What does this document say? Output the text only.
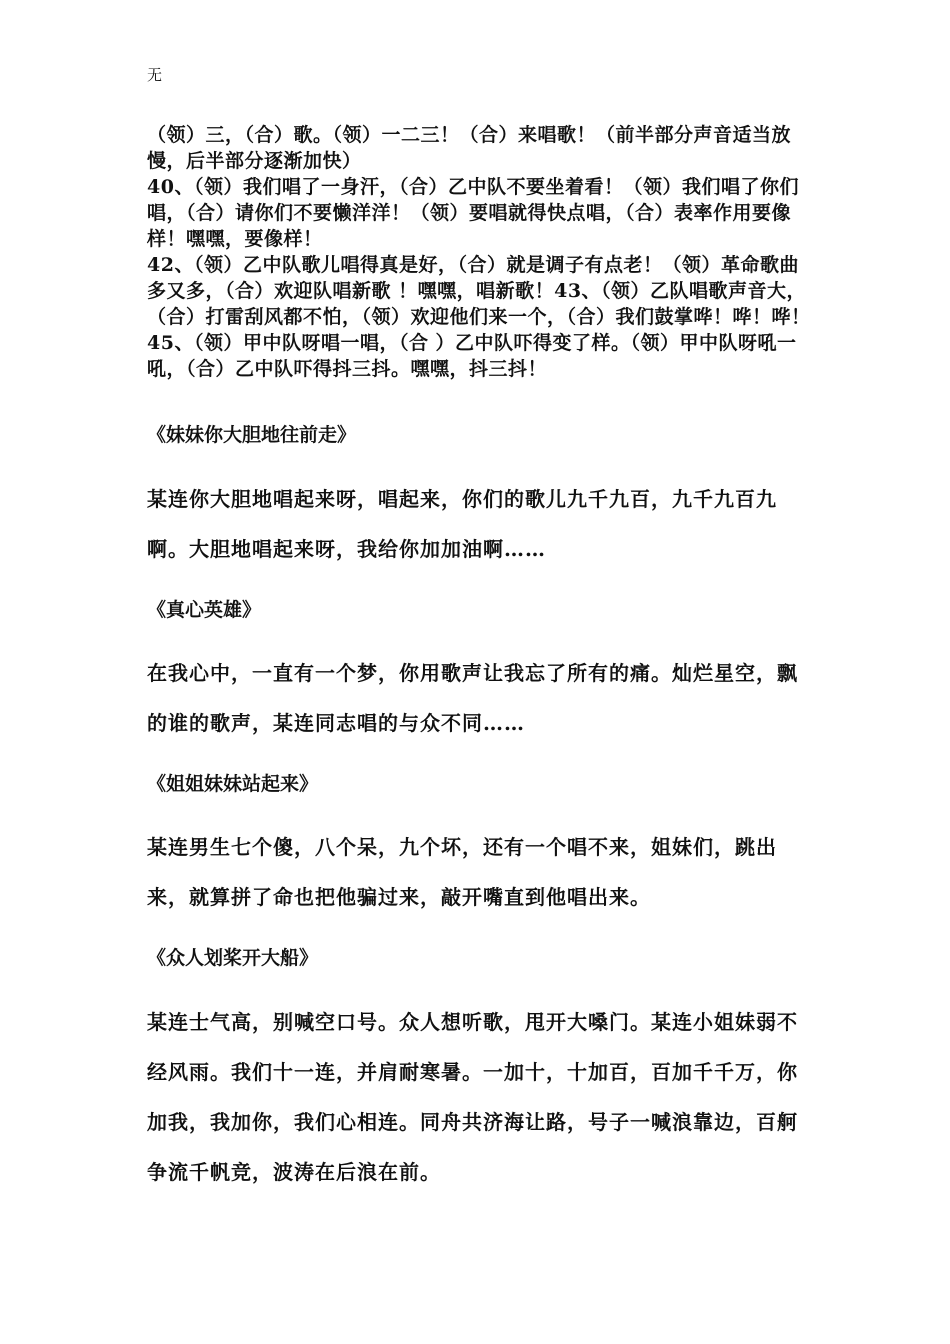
无

（领）三，（合）歌。（领）一二三！（合）来唱歌！（前半部分声音适当放慢，后半部分逐渐加快）

40、（领）我们唱了一身汗，（合）乙中队不要坐着看！（领）我们唱了你们唱，（合）请你们不要懒洋洋！（领）要唱就得快点唱，（合）表率作用要像样！嘿嘿，要像样！

42、（领）乙中队歌儿唱得真是好，（合）就是调子有点老！（领）革命歌曲多又多，（合）欢迎队唱新歌 ！嘿嘿，唱新歌！43、（领）乙队唱歌声音大，（合）打雷刮风都不怕，（领）欢迎他们来一个，（合）我们鼓掌哗！哗！哗！

45、（领）甲中队呀唱一唱，（合 ）乙中队吓得变了样。（领）甲中队呀吼一吼，（合）乙中队吓得抖三抖。嘿嘿，抖三抖！

《妹妹你大胆地往前走》
某连你大胆地唱起来呀，唱起来，你们的歌儿九千九百，九千九百九啊。大胆地唱起来呀，我给你加加油啊……
《真心英雄》
在我心中，一直有一个梦，你用歌声让我忘了所有的痛。灿烂星空，飘的谁的歌声，某连同志唱的与众不同……
《姐姐妹妹站起来》
某连男生七个傻，八个呆，九个坏，还有一个唱不来，姐妹们，跳出来，就算拼了命也把他骗过来，敲开嘴直到他唱出来。
《众人划桨开大船》
某连士气高，别喊空口号。众人想听歌，甩开大嗓门。某连小姐妹弱不经风雨。我们十一连，并肩耐寒暑。一加十，十加百，百加千千万，你加我，我加你，我们心相连。同舟共济海让路，号子一喊浪靠边，百舸争流千帆竞，波涛在后浪在前。
